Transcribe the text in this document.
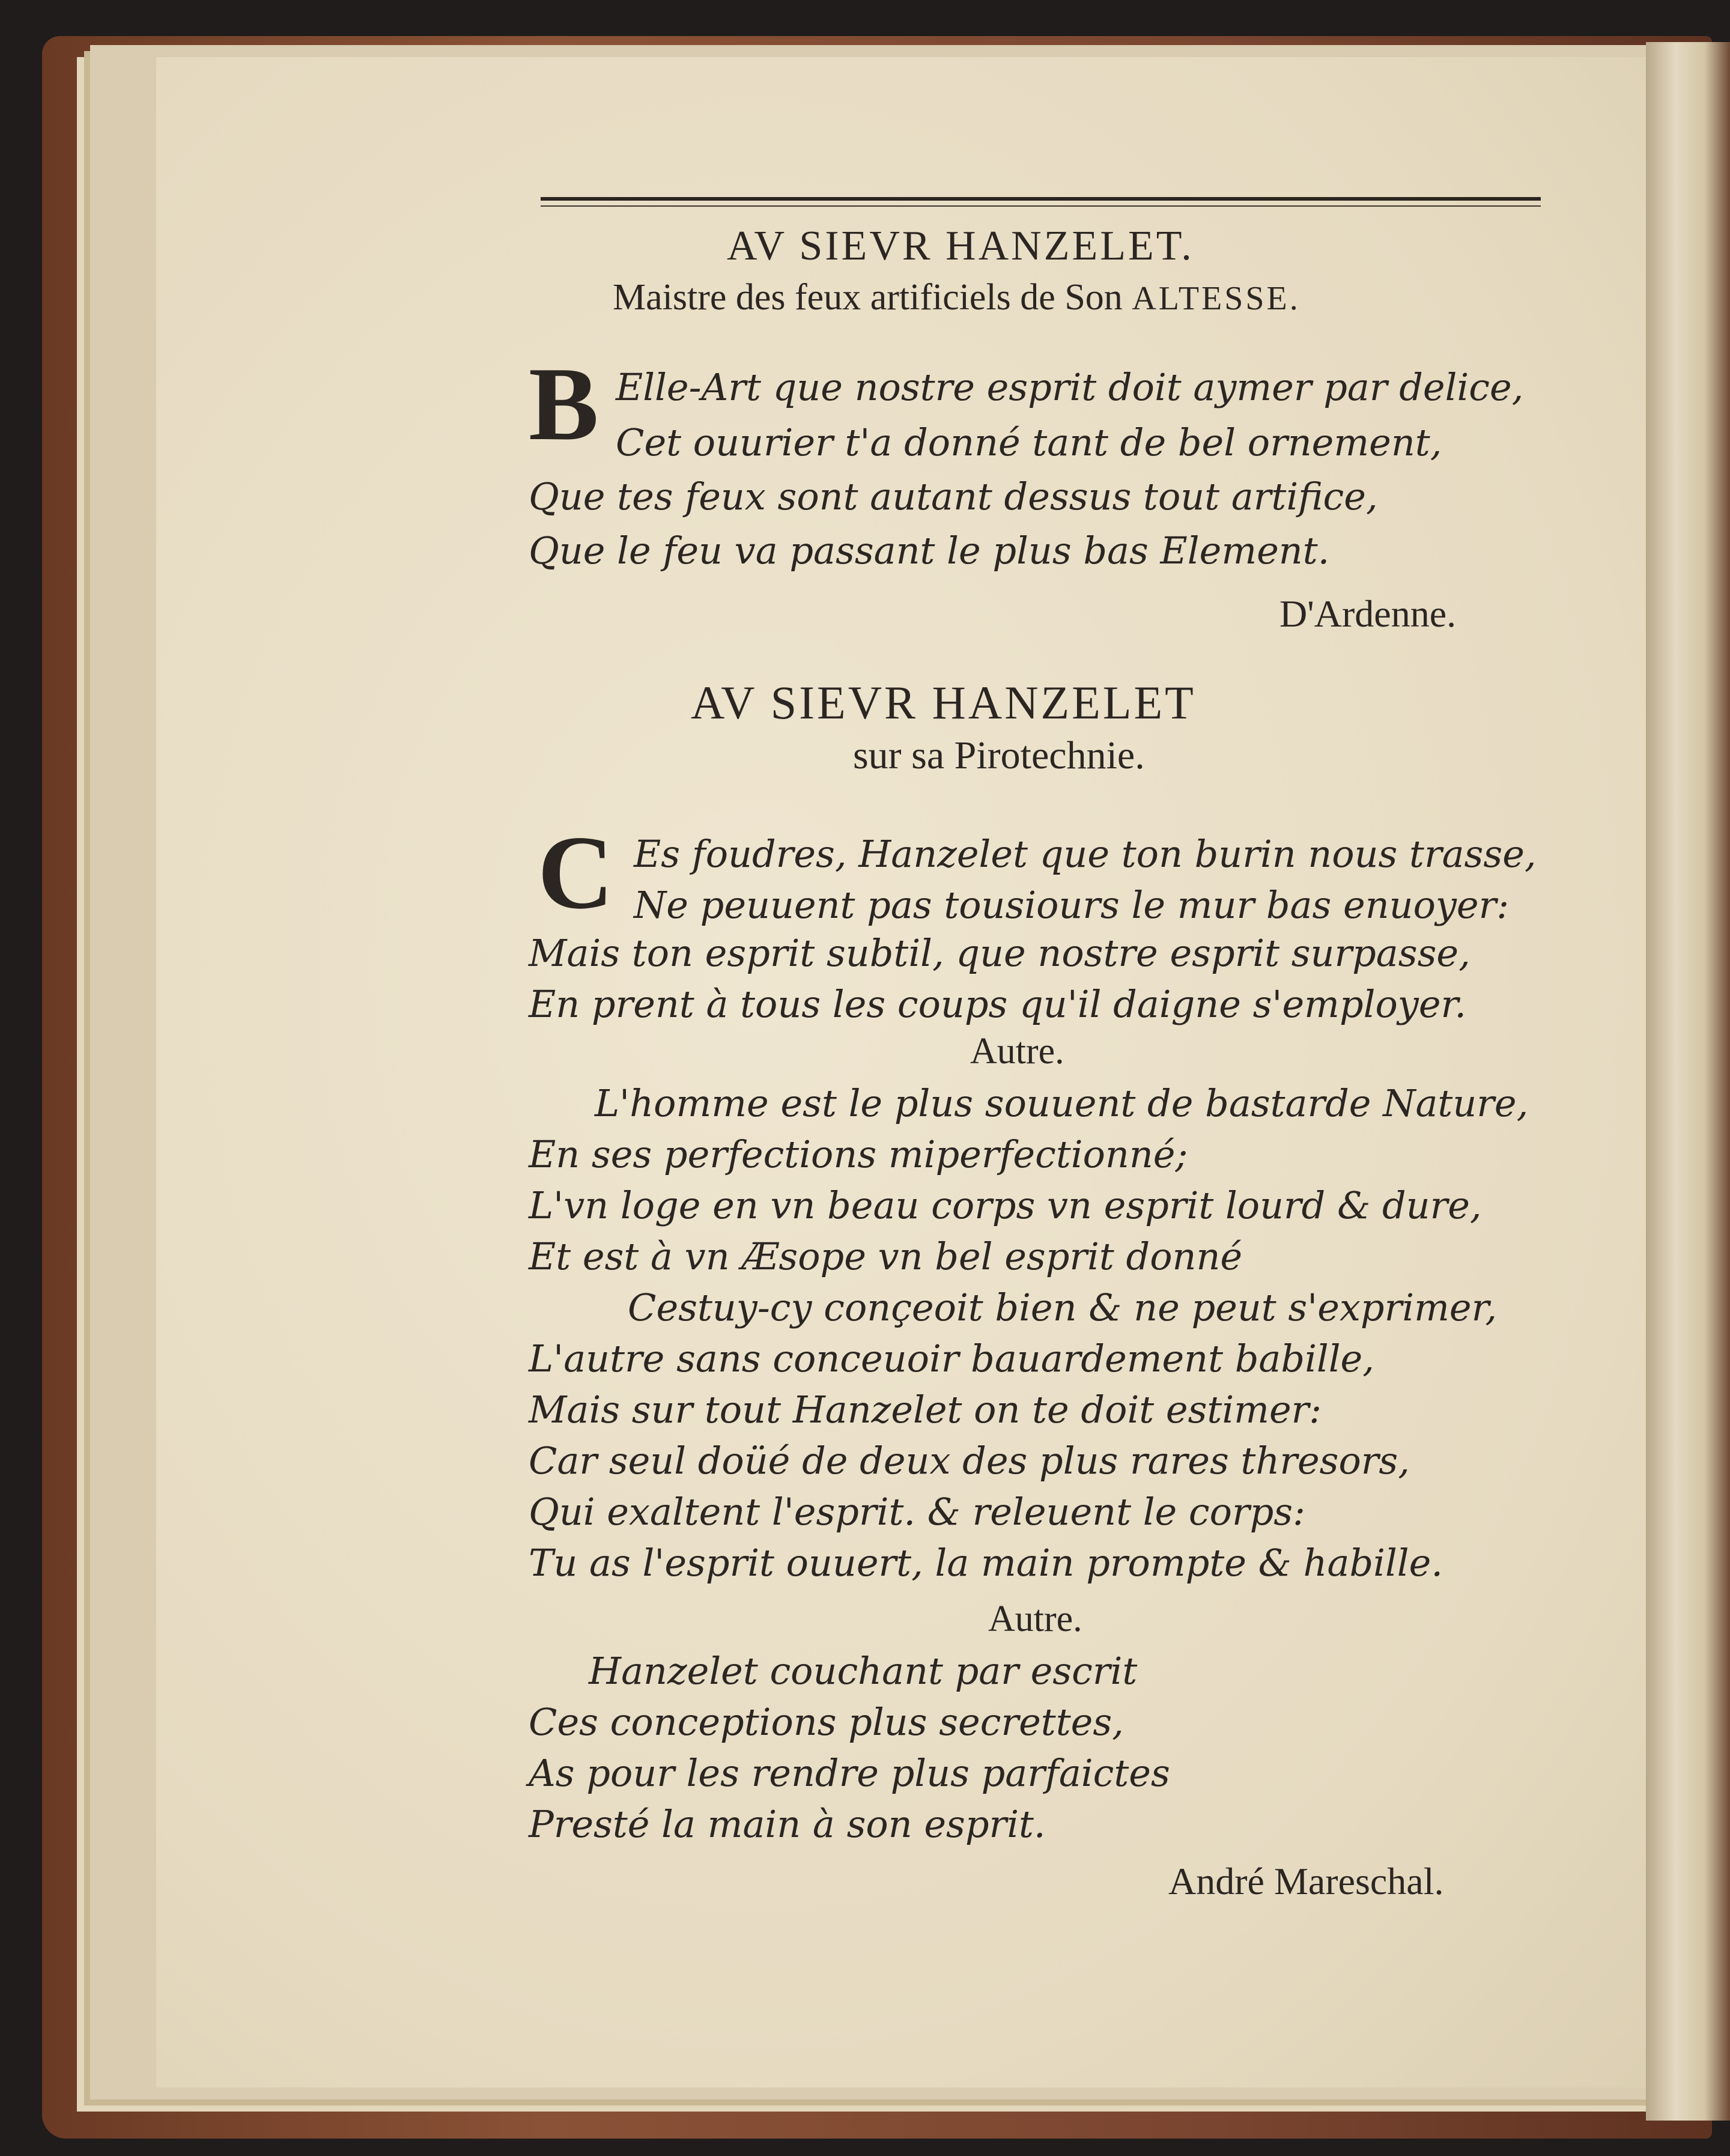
AV SIEVR HANZELET.
Maistre des feux artificiels de Son ALTESSE.
B Elle-Art que nostre esprit doit aymer par delice,
Cet ouurier t'a donné tant de bel ornement,
Que tes feux sont autant dessus tout artifice,
Que le feu va passant le plus bas Element.
D'Ardenne.
AV SIEVR HANZELET
sur sa Pirotechnie.
C Es foudres, Hanzelet que ton burin nous trasse,
Ne peuuent pas tousiours le mur bas enuoyer:
Mais ton esprit subtil, que nostre esprit surpasse,
En prent à tous les coups qu'il daigne s'employer.
Autre.
L'homme est le plus souuent de bastarde Nature,
En ses perfections miperfectionné;
L'vn loge en vn beau corps vn esprit lourd & dure,
Et est à vn Æsope vn bel esprit donné
Cestuy-cy conçeoit bien & ne peut s'exprimer,
L'autre sans conceuoir bauardement babille,
Mais sur tout Hanzelet on te doit estimer:
Car seul doüé de deux des plus rares thresors,
Qui exaltent l'esprit. & releuent le corps:
Tu as l'esprit ouuert, la main prompte & habille.
Autre.
Hanzelet couchant par escrit
Ces conceptions plus secrettes,
As pour les rendre plus parfaictes
Presté la main à son esprit.
André Mareschal.
